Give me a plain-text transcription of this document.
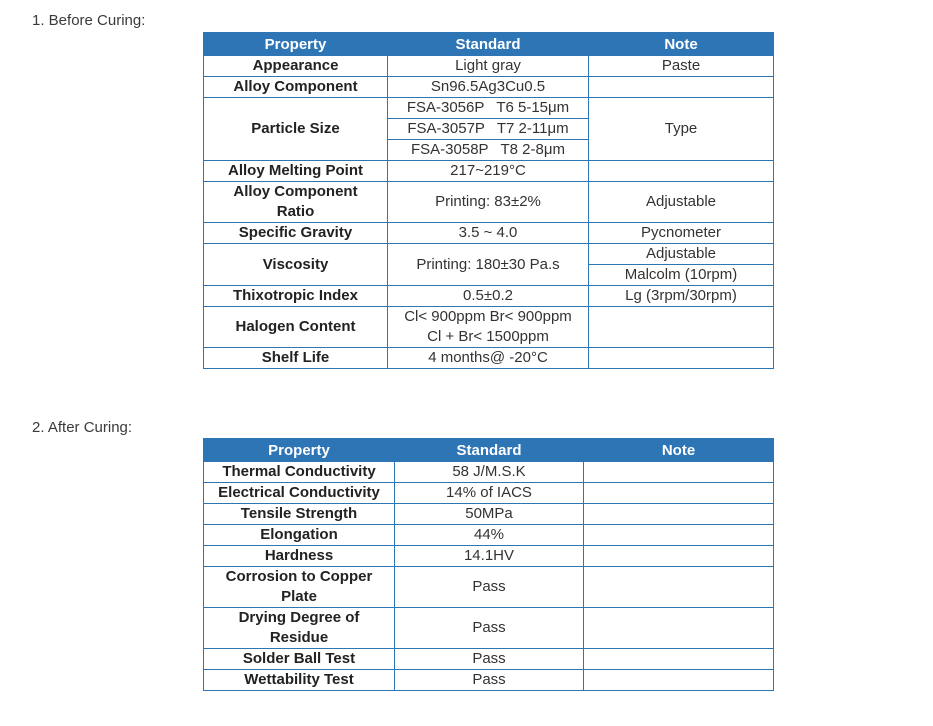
1. Before Curing:

Property	Standard	Note
Appearance	Light gray	Paste
Alloy Component	Sn96.5Ag3Cu0.5	
Particle Size	FSA-3056P   T6 5-15μm	Type
	FSA-3057P   T7 2-11μm	
	FSA-3058P   T8 2-8μm	
Alloy Melting Point	217~219°C	

Alloy Component
Ratio	Printing: 83±2%	Adjustable
Specific Gravity	3.5 ~ 4.0	Pycnometer
Viscosity	Printing: 180±30 Pa.s	Adjustable
		Malcolm (10rpm)
Thixotropic Index	0.5±0.2	Lg (3rpm/30rpm)
Halogen Content	Cl< 900ppm Br< 900ppm
Cl + Br< 1500ppm	

Shelf Life	4 months@ -20°C	

2. After Curing:

Property	Standard	Note
Thermal Conductivity	58 J/M.S.K	
Electrical Conductivity	14% of IACS	
Tensile Strength	50MPa	
Elongation	44%	
Hardness	14.1HV	

Corrosion to Copper
Plate	Pass	

Drying Degree of
Residue	Pass	
Solder Ball Test	Pass	
Wettability Test	Pass	
